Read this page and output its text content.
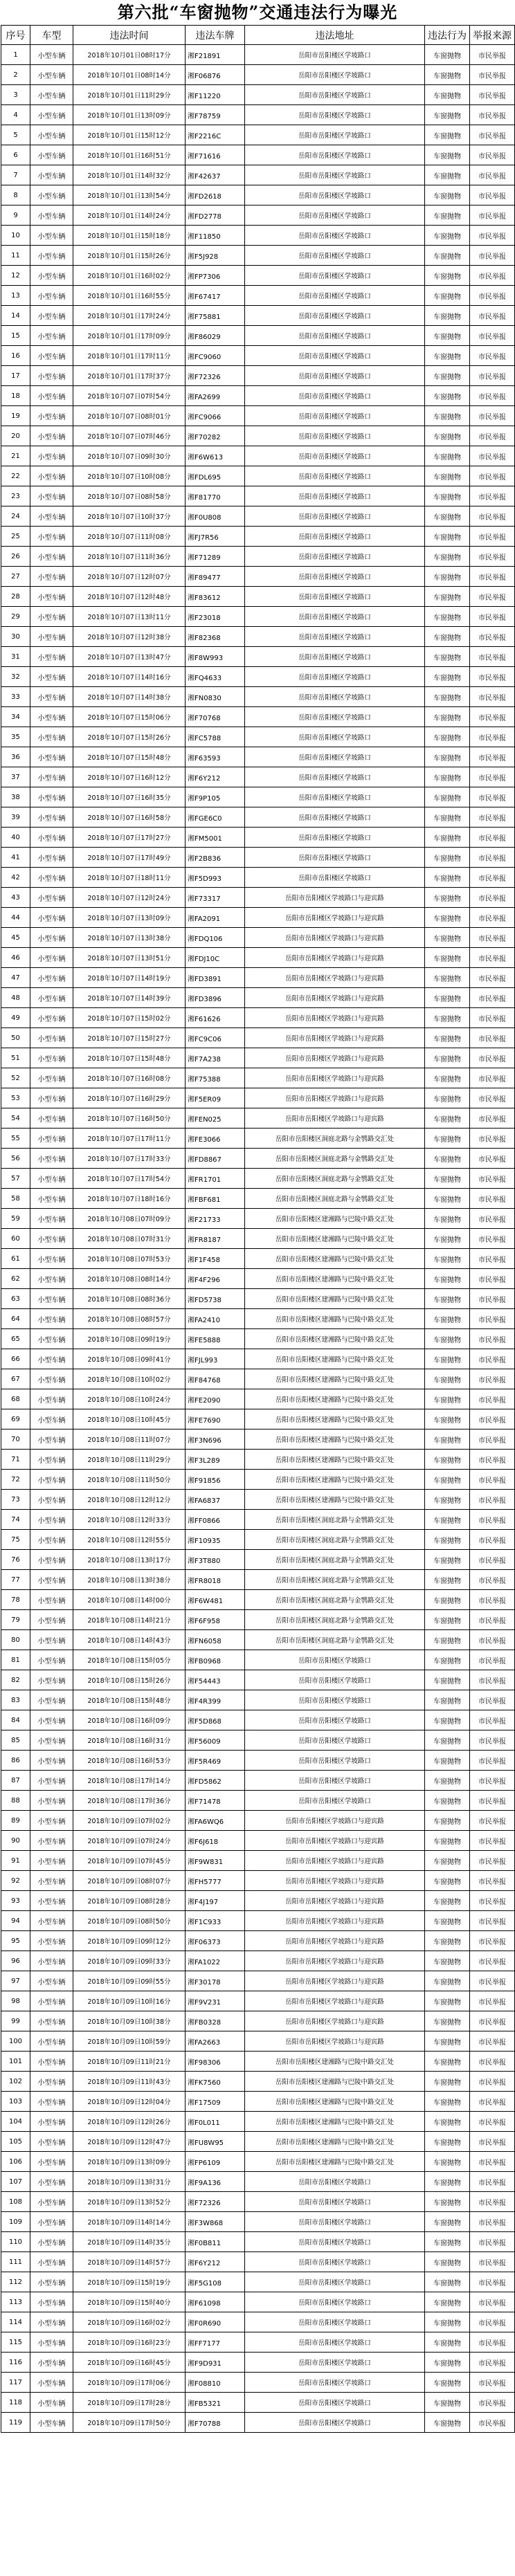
第六批“车窗抛物”交通违法行为曝光
序号	车型	违法时间	违法车牌	违法地址	违法行为	举报来源
1	小型车辆	2018年10月01日08时17分	湘F21891	岳阳市岳阳楼区学坡路口	车窗抛物	市民举报
2	小型车辆	2018年10月01日08时14分	湘F06876	岳阳市岳阳楼区学坡路口	车窗抛物	市民举报
3	小型车辆	2018年10月01日11时29分	湘F11220	岳阳市岳阳楼区学坡路口	车窗抛物	市民举报
4	小型车辆	2018年10月01日13时09分	湘F78759	岳阳市岳阳楼区学坡路口	车窗抛物	市民举报
5	小型车辆	2018年10月01日15时12分	湘F2216C	岳阳市岳阳楼区学坡路口	车窗抛物	市民举报
6	小型车辆	2018年10月01日16时51分	湘F71616	岳阳市岳阳楼区学坡路口	车窗抛物	市民举报
7	小型车辆	2018年10月01日14时32分	湘F42637	岳阳市岳阳楼区学坡路口	车窗抛物	市民举报
8	小型车辆	2018年10月01日13时54分	湘FD2618	岳阳市岳阳楼区学坡路口	车窗抛物	市民举报
9	小型车辆	2018年10月01日14时24分	湘FD2778	岳阳市岳阳楼区学坡路口	车窗抛物	市民举报
10	小型车辆	2018年10月01日15时18分	湘F11850	岳阳市岳阳楼区学坡路口	车窗抛物	市民举报
11	小型车辆	2018年10月01日15时26分	湘F5J928	岳阳市岳阳楼区学坡路口	车窗抛物	市民举报
12	小型车辆	2018年10月01日16时02分	湘FP7306	岳阳市岳阳楼区学坡路口	车窗抛物	市民举报
13	小型车辆	2018年10月01日16时55分	湘F67417	岳阳市岳阳楼区学坡路口	车窗抛物	市民举报
14	小型车辆	2018年10月01日17时24分	湘F75881	岳阳市岳阳楼区学坡路口	车窗抛物	市民举报
15	小型车辆	2018年10月01日17时09分	湘F86029	岳阳市岳阳楼区学坡路口	车窗抛物	市民举报
16	小型车辆	2018年10月01日17时11分	湘FC9060	岳阳市岳阳楼区学坡路口	车窗抛物	市民举报
17	小型车辆	2018年10月01日17时37分	湘F72326	岳阳市岳阳楼区学坡路口	车窗抛物	市民举报
18	小型车辆	2018年10月07日07时54分	湘FA2699	岳阳市岳阳楼区学坡路口	车窗抛物	市民举报
19	小型车辆	2018年10月07日08时01分	湘FC9066	岳阳市岳阳楼区学坡路口	车窗抛物	市民举报
20	小型车辆	2018年10月07日07时46分	湘F70282	岳阳市岳阳楼区学坡路口	车窗抛物	市民举报
21	小型车辆	2018年10月07日09时30分	湘F6W613	岳阳市岳阳楼区学坡路口	车窗抛物	市民举报
22	小型车辆	2018年10月07日10时08分	湘FDL695	岳阳市岳阳楼区学坡路口	车窗抛物	市民举报
23	小型车辆	2018年10月07日08时58分	湘F81770	岳阳市岳阳楼区学坡路口	车窗抛物	市民举报
24	小型车辆	2018年10月07日10时37分	湘F0U808	岳阳市岳阳楼区学坡路口	车窗抛物	市民举报
25	小型车辆	2018年10月07日11时08分	湘FJ7R56	岳阳市岳阳楼区学坡路口	车窗抛物	市民举报
26	小型车辆	2018年10月07日11时36分	湘F71289	岳阳市岳阳楼区学坡路口	车窗抛物	市民举报
27	小型车辆	2018年10月07日12时07分	湘F89477	岳阳市岳阳楼区学坡路口	车窗抛物	市民举报
28	小型车辆	2018年10月07日12时48分	湘F83612	岳阳市岳阳楼区学坡路口	车窗抛物	市民举报
29	小型车辆	2018年10月07日13时11分	湘F23018	岳阳市岳阳楼区学坡路口	车窗抛物	市民举报
30	小型车辆	2018年10月07日12时38分	湘F82368	岳阳市岳阳楼区学坡路口	车窗抛物	市民举报
31	小型车辆	2018年10月07日13时47分	湘F8W993	岳阳市岳阳楼区学坡路口	车窗抛物	市民举报
32	小型车辆	2018年10月07日14时16分	湘FQ4633	岳阳市岳阳楼区学坡路口	车窗抛物	市民举报
33	小型车辆	2018年10月07日14时38分	湘FN0830	岳阳市岳阳楼区学坡路口	车窗抛物	市民举报
34	小型车辆	2018年10月07日15时06分	湘F70768	岳阳市岳阳楼区学坡路口	车窗抛物	市民举报
35	小型车辆	2018年10月07日15时26分	湘FC5788	岳阳市岳阳楼区学坡路口	车窗抛物	市民举报
36	小型车辆	2018年10月07日15时48分	湘F63593	岳阳市岳阳楼区学坡路口	车窗抛物	市民举报
37	小型车辆	2018年10月07日16时12分	湘F6Y212	岳阳市岳阳楼区学坡路口	车窗抛物	市民举报
38	小型车辆	2018年10月07日16时35分	湘F9P105	岳阳市岳阳楼区学坡路口	车窗抛物	市民举报
39	小型车辆	2018年10月07日16时58分	湘FGE6C0	岳阳市岳阳楼区学坡路口	车窗抛物	市民举报
40	小型车辆	2018年10月07日17时27分	湘FM5001	岳阳市岳阳楼区学坡路口	车窗抛物	市民举报
41	小型车辆	2018年10月07日17时49分	湘F2B836	岳阳市岳阳楼区学坡路口	车窗抛物	市民举报
42	小型车辆	2018年10月07日18时11分	湘F5D993	岳阳市岳阳楼区学坡路口	车窗抛物	市民举报
43	小型车辆	2018年10月07日12时24分	湘F73317	岳阳市岳阳楼区学坡路口与迎宾路	车窗抛物	市民举报
44	小型车辆	2018年10月07日13时09分	湘FA2091	岳阳市岳阳楼区学坡路口与迎宾路	车窗抛物	市民举报
45	小型车辆	2018年10月07日13时38分	湘FDQ106	岳阳市岳阳楼区学坡路口与迎宾路	车窗抛物	市民举报
46	小型车辆	2018年10月07日13时51分	湘FDJ10C	岳阳市岳阳楼区学坡路口与迎宾路	车窗抛物	市民举报
47	小型车辆	2018年10月07日14时19分	湘FD3891	岳阳市岳阳楼区学坡路口与迎宾路	车窗抛物	市民举报
48	小型车辆	2018年10月07日14时39分	湘FD3896	岳阳市岳阳楼区学坡路口与迎宾路	车窗抛物	市民举报
49	小型车辆	2018年10月07日15时02分	湘F61626	岳阳市岳阳楼区学坡路口与迎宾路	车窗抛物	市民举报
50	小型车辆	2018年10月07日15时27分	湘FC9C06	岳阳市岳阳楼区学坡路口与迎宾路	车窗抛物	市民举报
51	小型车辆	2018年10月07日15时48分	湘F7A238	岳阳市岳阳楼区学坡路口与迎宾路	车窗抛物	市民举报
52	小型车辆	2018年10月07日16时08分	湘F75388	岳阳市岳阳楼区学坡路口与迎宾路	车窗抛物	市民举报
53	小型车辆	2018年10月07日16时29分	湘F5ER09	岳阳市岳阳楼区学坡路口与迎宾路	车窗抛物	市民举报
54	小型车辆	2018年10月07日16时50分	湘FEN025	岳阳市岳阳楼区学坡路口与迎宾路	车窗抛物	市民举报
55	小型车辆	2018年10月07日17时11分	湘FE3066	岳阳市岳阳楼区洞庭北路与金鹗路交汇处	车窗抛物	市民举报
56	小型车辆	2018年10月07日17时33分	湘FD8867	岳阳市岳阳楼区洞庭北路与金鹗路交汇处	车窗抛物	市民举报
57	小型车辆	2018年10月07日17时54分	湘FR1701	岳阳市岳阳楼区洞庭北路与金鹗路交汇处	车窗抛物	市民举报
58	小型车辆	2018年10月07日18时16分	湘FBF681	岳阳市岳阳楼区洞庭北路与金鹗路交汇处	车窗抛物	市民举报
59	小型车辆	2018年10月08日07时09分	湘F21733	岳阳市岳阳楼区建湘路与巴陵中路交汇处	车窗抛物	市民举报
60	小型车辆	2018年10月08日07时31分	湘FR8187	岳阳市岳阳楼区建湘路与巴陵中路交汇处	车窗抛物	市民举报
61	小型车辆	2018年10月08日07时53分	湘F1F458	岳阳市岳阳楼区建湘路与巴陵中路交汇处	车窗抛物	市民举报
62	小型车辆	2018年10月08日08时14分	湘F4F296	岳阳市岳阳楼区建湘路与巴陵中路交汇处	车窗抛物	市民举报
63	小型车辆	2018年10月08日08时36分	湘FD5738	岳阳市岳阳楼区建湘路与巴陵中路交汇处	车窗抛物	市民举报
64	小型车辆	2018年10月08日08时57分	湘FA2410	岳阳市岳阳楼区建湘路与巴陵中路交汇处	车窗抛物	市民举报
65	小型车辆	2018年10月08日09时19分	湘FE5888	岳阳市岳阳楼区建湘路与巴陵中路交汇处	车窗抛物	市民举报
66	小型车辆	2018年10月08日09时41分	湘FJL993	岳阳市岳阳楼区建湘路与巴陵中路交汇处	车窗抛物	市民举报
67	小型车辆	2018年10月08日10时02分	湘F84768	岳阳市岳阳楼区建湘路与巴陵中路交汇处	车窗抛物	市民举报
68	小型车辆	2018年10月08日10时24分	湘FE2090	岳阳市岳阳楼区建湘路与巴陵中路交汇处	车窗抛物	市民举报
69	小型车辆	2018年10月08日10时45分	湘FE7690	岳阳市岳阳楼区建湘路与巴陵中路交汇处	车窗抛物	市民举报
70	小型车辆	2018年10月08日11时07分	湘F3N696	岳阳市岳阳楼区建湘路与巴陵中路交汇处	车窗抛物	市民举报
71	小型车辆	2018年10月08日11时29分	湘F3L289	岳阳市岳阳楼区建湘路与巴陵中路交汇处	车窗抛物	市民举报
72	小型车辆	2018年10月08日11时50分	湘F91856	岳阳市岳阳楼区建湘路与巴陵中路交汇处	车窗抛物	市民举报
73	小型车辆	2018年10月08日12时12分	湘FA6837	岳阳市岳阳楼区建湘路与巴陵中路交汇处	车窗抛物	市民举报
74	小型车辆	2018年10月08日12时33分	湘FF0866	岳阳市岳阳楼区洞庭北路与金鹗路交汇处	车窗抛物	市民举报
75	小型车辆	2018年10月08日12时55分	湘F10935	岳阳市岳阳楼区洞庭北路与金鹗路交汇处	车窗抛物	市民举报
76	小型车辆	2018年10月08日13时17分	湘F3T880	岳阳市岳阳楼区洞庭北路与金鹗路交汇处	车窗抛物	市民举报
77	小型车辆	2018年10月08日13时38分	湘FR8018	岳阳市岳阳楼区洞庭北路与金鹗路交汇处	车窗抛物	市民举报
78	小型车辆	2018年10月08日14时00分	湘F6W481	岳阳市岳阳楼区洞庭北路与金鹗路交汇处	车窗抛物	市民举报
79	小型车辆	2018年10月08日14时21分	湘F6F958	岳阳市岳阳楼区洞庭北路与金鹗路交汇处	车窗抛物	市民举报
80	小型车辆	2018年10月08日14时43分	湘FN6058	岳阳市岳阳楼区洞庭北路与金鹗路交汇处	车窗抛物	市民举报
81	小型车辆	2018年10月08日15时05分	湘FB0968	岳阳市岳阳楼区学坡路口	车窗抛物	市民举报
82	小型车辆	2018年10月08日15时26分	湘F54443	岳阳市岳阳楼区学坡路口	车窗抛物	市民举报
83	小型车辆	2018年10月08日15时48分	湘F4R399	岳阳市岳阳楼区学坡路口	车窗抛物	市民举报
84	小型车辆	2018年10月08日16时09分	湘F5D868	岳阳市岳阳楼区学坡路口	车窗抛物	市民举报
85	小型车辆	2018年10月08日16时31分	湘F56009	岳阳市岳阳楼区学坡路口	车窗抛物	市民举报
86	小型车辆	2018年10月08日16时53分	湘F5R469	岳阳市岳阳楼区学坡路口	车窗抛物	市民举报
87	小型车辆	2018年10月08日17时14分	湘FD5862	岳阳市岳阳楼区学坡路口	车窗抛物	市民举报
88	小型车辆	2018年10月08日17时36分	湘F71478	岳阳市岳阳楼区学坡路口	车窗抛物	市民举报
89	小型车辆	2018年10月09日07时02分	湘FA6WQ6	岳阳市岳阳楼区学坡路口与迎宾路	车窗抛物	市民举报
90	小型车辆	2018年10月09日07时24分	湘F6J618	岳阳市岳阳楼区学坡路口与迎宾路	车窗抛物	市民举报
91	小型车辆	2018年10月09日07时45分	湘F9W831	岳阳市岳阳楼区学坡路口与迎宾路	车窗抛物	市民举报
92	小型车辆	2018年10月09日08时07分	湘FH5777	岳阳市岳阳楼区学坡路口与迎宾路	车窗抛物	市民举报
93	小型车辆	2018年10月09日08时28分	湘F4J197	岳阳市岳阳楼区学坡路口与迎宾路	车窗抛物	市民举报
94	小型车辆	2018年10月09日08时50分	湘F1C933	岳阳市岳阳楼区学坡路口与迎宾路	车窗抛物	市民举报
95	小型车辆	2018年10月09日09时12分	湘F06373	岳阳市岳阳楼区学坡路口与迎宾路	车窗抛物	市民举报
96	小型车辆	2018年10月09日09时33分	湘FA1022	岳阳市岳阳楼区学坡路口与迎宾路	车窗抛物	市民举报
97	小型车辆	2018年10月09日09时55分	湘F30178	岳阳市岳阳楼区学坡路口与迎宾路	车窗抛物	市民举报
98	小型车辆	2018年10月09日10时16分	湘F9V231	岳阳市岳阳楼区学坡路口与迎宾路	车窗抛物	市民举报
99	小型车辆	2018年10月09日10时38分	湘FB0328	岳阳市岳阳楼区学坡路口与迎宾路	车窗抛物	市民举报
100	小型车辆	2018年10月09日10时59分	湘FA2663	岳阳市岳阳楼区学坡路口与迎宾路	车窗抛物	市民举报
101	小型车辆	2018年10月09日11时21分	湘F98306	岳阳市岳阳楼区建湘路与巴陵中路交汇处	车窗抛物	市民举报
102	小型车辆	2018年10月09日11时43分	湘FK7560	岳阳市岳阳楼区建湘路与巴陵中路交汇处	车窗抛物	市民举报
103	小型车辆	2018年10月09日12时04分	湘F17509	岳阳市岳阳楼区建湘路与巴陵中路交汇处	车窗抛物	市民举报
104	小型车辆	2018年10月09日12时26分	湘F0L011	岳阳市岳阳楼区建湘路与巴陵中路交汇处	车窗抛物	市民举报
105	小型车辆	2018年10月09日12时47分	湘FU8W95	岳阳市岳阳楼区建湘路与巴陵中路交汇处	车窗抛物	市民举报
106	小型车辆	2018年10月09日13时09分	湘FP6109	岳阳市岳阳楼区建湘路与巴陵中路交汇处	车窗抛物	市民举报
107	小型车辆	2018年10月09日13时31分	湘F9A136	岳阳市岳阳楼区学坡路口	车窗抛物	市民举报
108	小型车辆	2018年10月09日13时52分	湘F72326	岳阳市岳阳楼区学坡路口	车窗抛物	市民举报
109	小型车辆	2018年10月09日14时14分	湘F3W868	岳阳市岳阳楼区学坡路口	车窗抛物	市民举报
110	小型车辆	2018年10月09日14时35分	湘F0B811	岳阳市岳阳楼区学坡路口	车窗抛物	市民举报
111	小型车辆	2018年10月09日14时57分	湘F6Y212	岳阳市岳阳楼区学坡路口	车窗抛物	市民举报
112	小型车辆	2018年10月09日15时19分	湘F5G108	岳阳市岳阳楼区学坡路口	车窗抛物	市民举报
113	小型车辆	2018年10月09日15时40分	湘F61098	岳阳市岳阳楼区学坡路口	车窗抛物	市民举报
114	小型车辆	2018年10月09日16时02分	湘F0R690	岳阳市岳阳楼区学坡路口	车窗抛物	市民举报
115	小型车辆	2018年10月09日16时23分	湘FF7177	岳阳市岳阳楼区学坡路口	车窗抛物	市民举报
116	小型车辆	2018年10月09日16时45分	湘F9D931	岳阳市岳阳楼区学坡路口	车窗抛物	市民举报
117	小型车辆	2018年10月09日17时06分	湘F08810	岳阳市岳阳楼区学坡路口	车窗抛物	市民举报
118	小型车辆	2018年10月09日17时28分	湘FB5321	岳阳市岳阳楼区学坡路口	车窗抛物	市民举报
119	小型车辆	2018年10月09日17时50分	湘F70788	岳阳市岳阳楼区学坡路口	车窗抛物	市民举报
